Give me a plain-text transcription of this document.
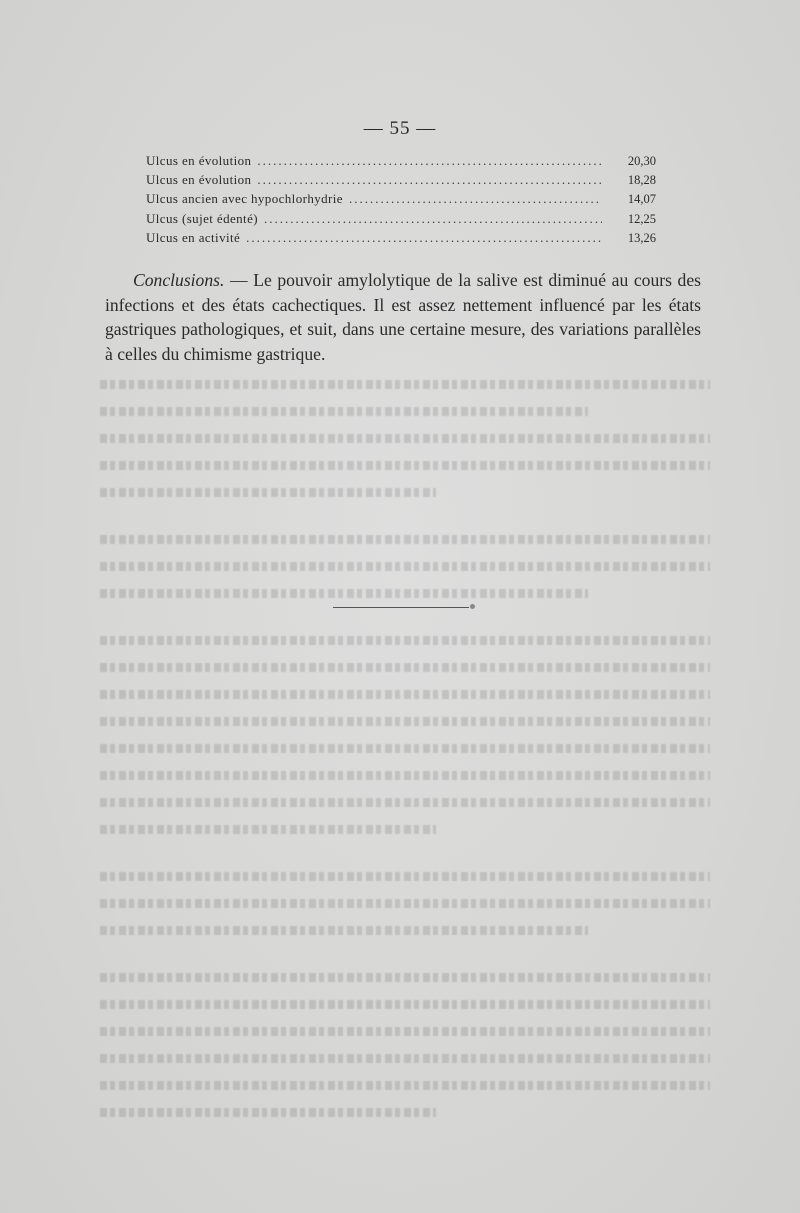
— 55 —
Ulcus en évolution .....	20,30
Ulcus en évolution .....	18,28
Ulcus ancien avec hypochlorhydrie .....	14,07
Ulcus (sujet édenté) .....	12,25
Ulcus en activité .....	13,26

Conclusions. — Le pouvoir amylolytique de la salive est diminué au cours des infections et des états cachectiques. Il est assez nettement influencé par les états gastriques pathologiques, et suit, dans une certaine mesure, des variations parallèles à celles du chimisme gastrique.
